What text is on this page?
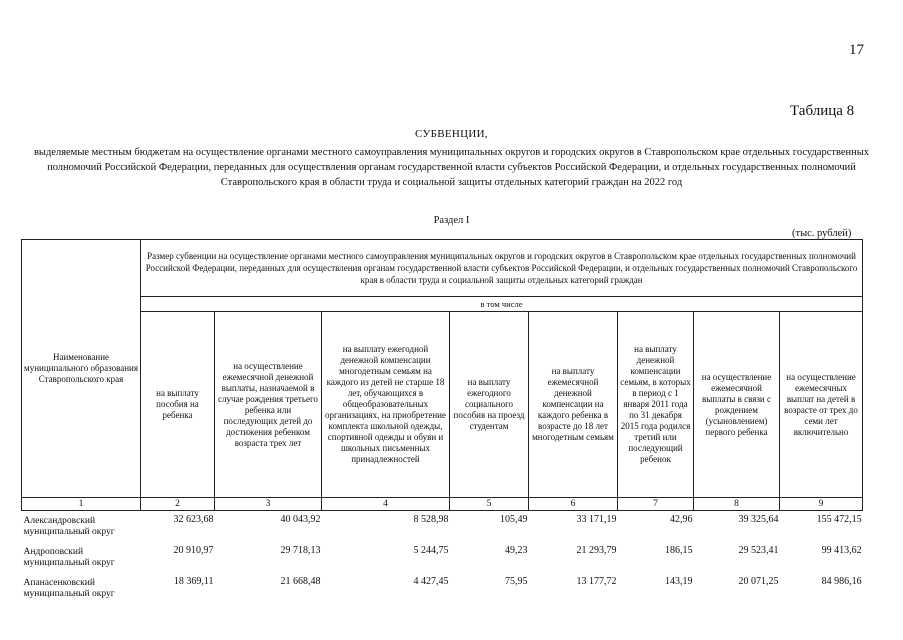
17
Таблица 8
СУБВЕНЦИИ,
выделяемые местным бюджетам на осуществление органами местного самоуправления муниципальных округов и городских округов в Ставропольском крае отдельных государственных полномочий Российской Федерации, переданных для осуществления органам государственной власти субъектов Российской Федерации, и отдельных государственных полномочий Ставропольского края в области труда и социальной защиты отдельных категорий граждан на 2022 год
Раздел I
(тыс. рублей)
Наименование муниципального образования Ставропольского края	Размер субвенции на осуществление органами местного самоуправления муниципальных округов и городских округов в Ставропольском крае отдельных государственных полномочий Российской Федерации, переданных для осуществления органам государственной власти субъектов Российской Федерации, и отдельных государственных полномочий Ставропольского края в области труда и социальной защиты отдельных категорий граждан							
	в том числе							
	на выплату пособия на ребенка	на осуществление ежемесячной денежной выплаты, назначаемой в случае рождения третьего ребенка или последующих детей до достижения ребенком возраста трех лет	на выплату ежегодной денежной компенсации многодетным семьям на каждого из детей не старше 18 лет, обучающихся в общеобразовательных организациях, на приобретение комплекта школьной одежды, спортивной одежды и обуви и школьных письменных принадлежностей	на выплату ежегодного социального пособия на проезд студентам	на выплату ежемесячной денежной компенсации на каждого ребенка в возрасте до 18 лет многодетным семьям	на выплату денежной компенсации семьям, в которых в период с 1 января 2011 года по 31 декабря 2015 года родился третий или последующий ребенок	на осуществление ежемесячной выплаты в связи с рождением (усыновлением) первого ребенка	на осуществление ежемесячных выплат на детей в возрасте от трех до семи лет включительно
1	2	3	4	5	6	7	8	9
Александровский муниципальный округ	32 623,68	40 043,92	8 528,98	105,49	33 171,19	42,96	39 325,64	155 472,15
Андроповский муниципальный округ	20 910,97	29 718,13	5 244,75	49,23	21 293,79	186,15	29 523,41	99 413,62
Апанасенковский муниципальный округ	18 369,11	21 668,48	4 427,45	75,95	13 177,72	143,19	20 071,25	84 986,16
